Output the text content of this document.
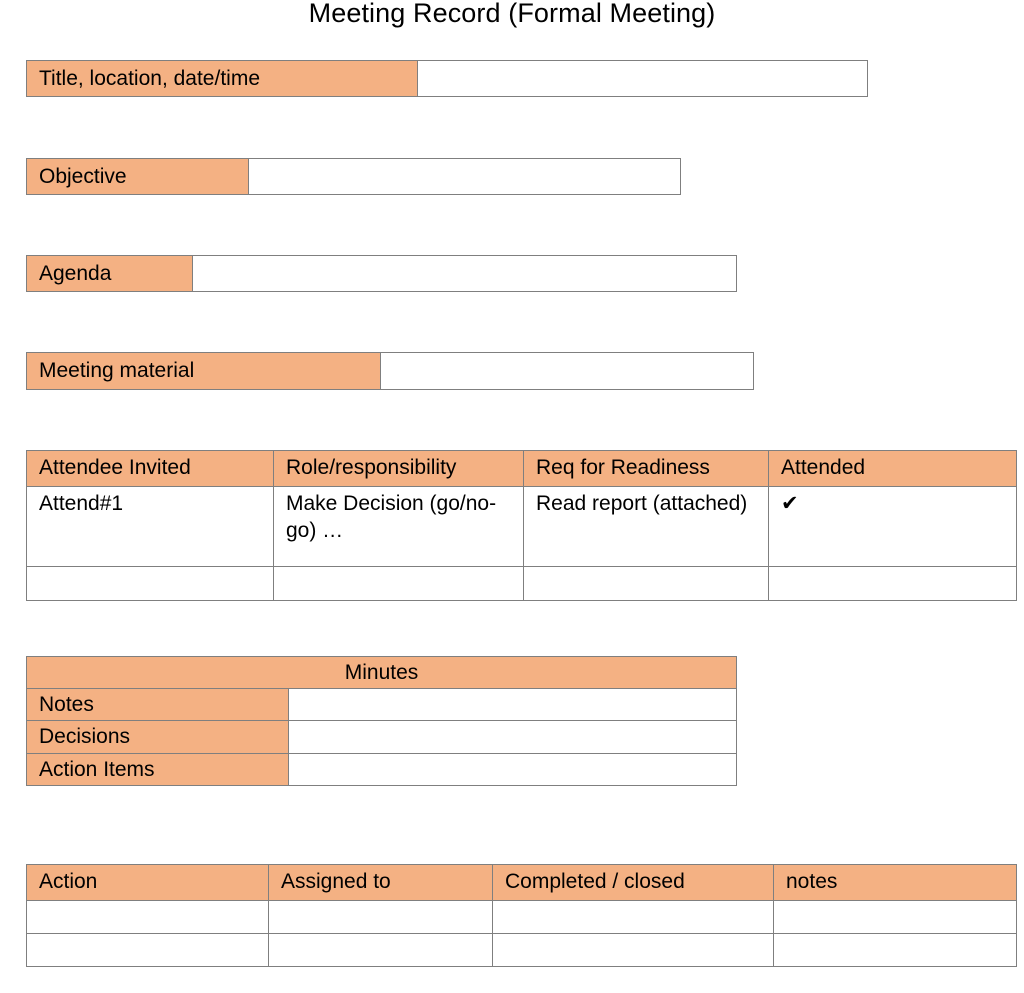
Meeting Record (Formal Meeting)
Title, location, date/time
Objective
Agenda
Meeting material
Attendee Invited	Role/responsibility	Req for Readiness	Attended
Attend#1	Make Decision (go/no-go) …	Read report (attached)	✔

Minutes	
Notes	
Decisions	
Action Items	
Action	Assigned to	Completed / closed	notes
